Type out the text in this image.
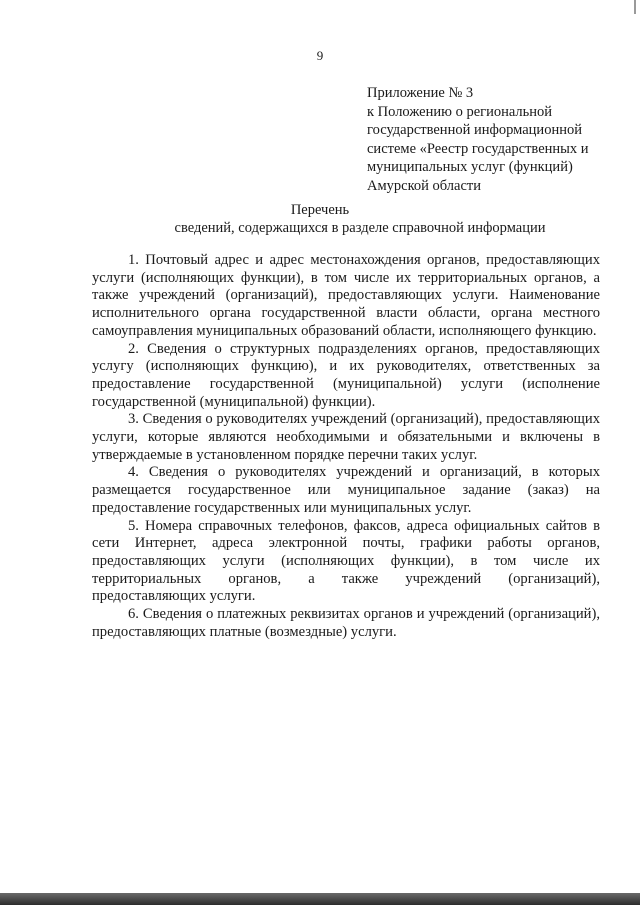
9
Приложение № 3
к Положению о региональной
государственной информационной
системе «Реестр государственных и
муниципальных услуг (функций)
Амурской области
Перечень
сведений, содержащихся в разделе справочной информации

1. Почтовый адрес и адрес местонахождения органов, предоставляющих услуги (исполняющих функции), в том числе их территориальных органов, а также учреждений (организаций), предоставляющих услуги. Наименование исполнительного органа государственной власти области, органа местного самоуправления муниципальных образований области, исполняющего функцию.

2. Сведения о структурных подразделениях органов, предоставляющих услугу (исполняющих функцию), и их руководителях, ответственных за предоставление государственной (муниципальной) услуги (исполнение государственной (муниципальной) функции).

3. Сведения о руководителях учреждений (организаций), предоставляющих услуги, которые являются необходимыми и обязательными и включены в утверждаемые в установленном порядке перечни таких услуг.

4. Сведения о руководителях учреждений и организаций, в которых размещается государственное или муниципальное задание (заказ) на предоставление государственных или муниципальных услуг.

5. Номера справочных телефонов, факсов, адреса официальных сайтов в сети Интернет, адреса электронной почты, графики работы органов, предоставляющих услуги (исполняющих функции), в том числе их территориальных органов, а также учреждений (организаций), предоставляющих услуги.

6. Сведения о платежных реквизитах органов и учреждений (организаций), предоставляющих платные (возмездные) услуги.
